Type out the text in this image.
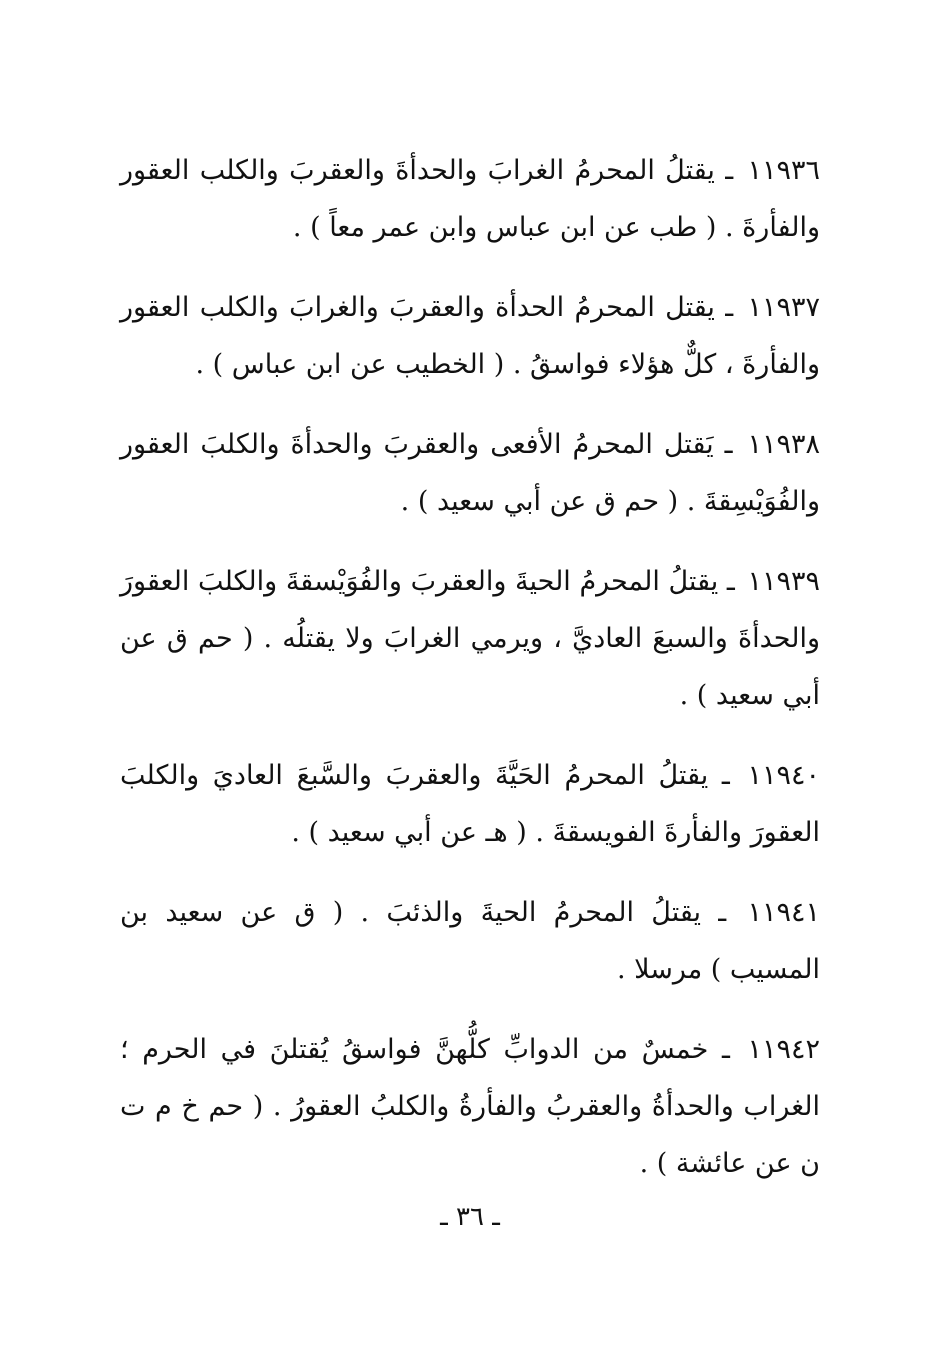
١١٩٣٦ ـ يقتلُ المحرمُ الغرابَ والحدأةَ والعقربَ والكلب العقور والفأرةَ . ( طب عن ابن عباس وابن عمر معاً ) .

١١٩٣٧ ـ يقتل المحرمُ الحدأة والعقربَ والغرابَ والكلب العقور والفأرةَ ، كلٌّ هؤلاء فواسقُ . ( الخطيب عن ابن عباس ) .

١١٩٣٨ ـ يَقتل المحرمُ الأفعى والعقربَ والحدأةَ والكلبَ العقور والفُوَيْسِقةَ . ( حم ق عن أبي سعيد ) .

١١٩٣٩ ـ يقتلُ المحرمُ الحيةَ والعقربَ والفُوَيْسقةَ والكلبَ العقورَ والحدأةَ والسبعَ العاديَّ ، ويرمي الغرابَ ولا يقتلُه . ( حم ق عن أبي سعيد ) .

١١٩٤٠ ـ يقتلُ المحرمُ الحَيَّةَ والعقربَ والسَّبعَ العاديَ والكلبَ العقورَ والفأرةَ الفويسقةَ . ( هـ عن أبي سعيد ) .

١١٩٤١ ـ يقتلُ المحرمُ الحيةَ والذئبَ . ( ق عن سعيد بن المسيب ) مرسلا .

١١٩٤٢ ـ خمسٌ من الدوابِّ كلُّهنَّ فواسقُ يُقتلنَ في الحرم ؛ الغراب والحدأةُ والعقربُ والفأرةُ والكلبُ العقورُ . ( حم خ م ت ن عن عائشة ) .

ـ ٣٦ ـ
